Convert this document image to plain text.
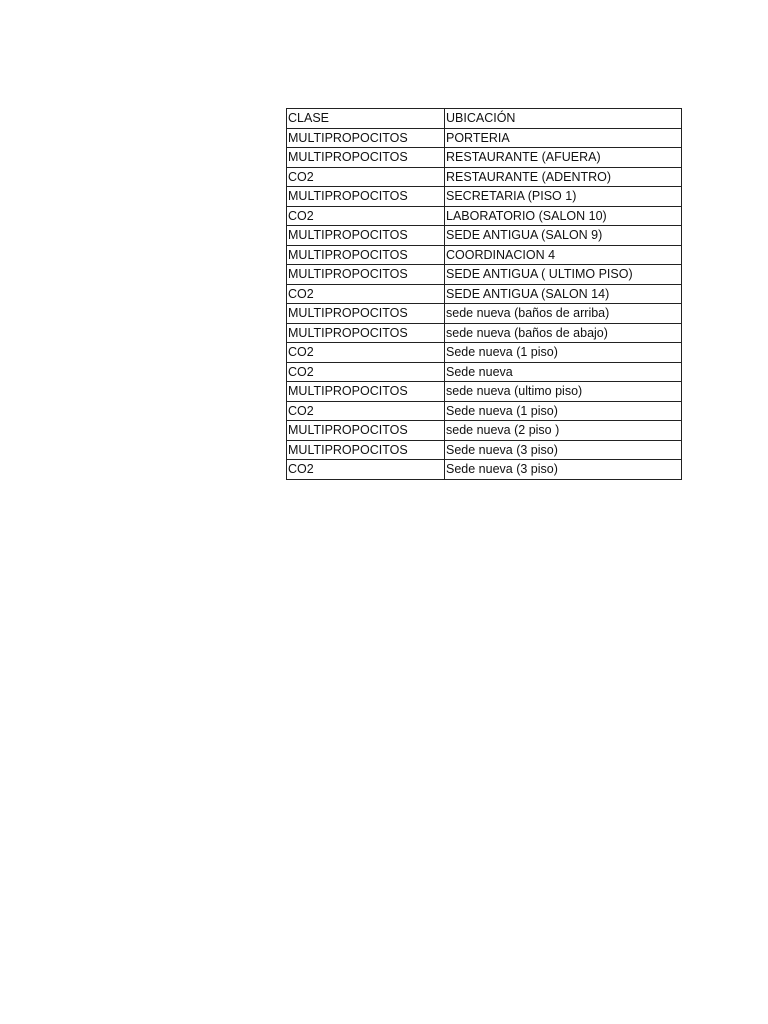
CLASE	UBICACIÓN
MULTIPROPOCITOS	PORTERIA
MULTIPROPOCITOS	RESTAURANTE (AFUERA)
CO2	RESTAURANTE (ADENTRO)
MULTIPROPOCITOS	SECRETARIA (PISO 1)
CO2	LABORATORIO (SALON 10)
MULTIPROPOCITOS	SEDE ANTIGUA (SALON 9)
MULTIPROPOCITOS	COORDINACION 4
MULTIPROPOCITOS	SEDE ANTIGUA ( ULTIMO PISO)
CO2	SEDE ANTIGUA (SALON 14)
MULTIPROPOCITOS	sede nueva (baños de arriba)
MULTIPROPOCITOS	sede nueva (baños de abajo)
CO2	Sede nueva (1 piso)
CO2	Sede nueva
MULTIPROPOCITOS	sede nueva (ultimo piso)
CO2	Sede nueva (1 piso)
MULTIPROPOCITOS	sede nueva (2 piso )
MULTIPROPOCITOS	Sede nueva (3 piso)
CO2	Sede nueva (3 piso)
